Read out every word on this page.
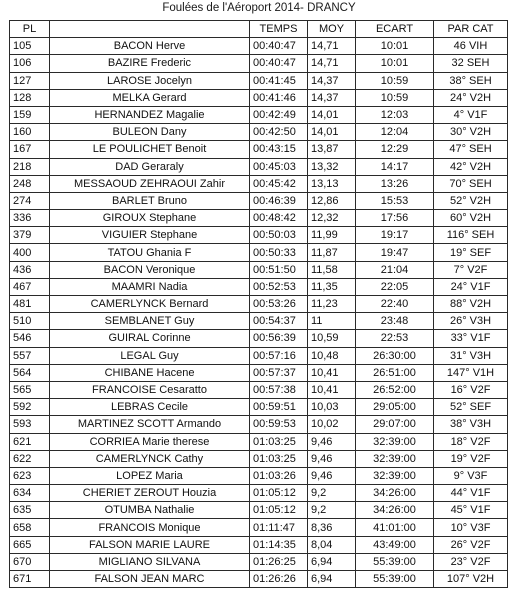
Foulées de l'Aéroport 2014- DRANCY
PL		TEMPS	MOY	ECART	PAR CAT
105	BACON Herve	00:40:47	14,71	10:01	46 VIH
106	BAZIRE Frederic	00:40:47	14,71	10:01	32 SEH
127	LAROSE Jocelyn	00:41:45	14,37	10:59	38° SEH
128	MELKA Gerard	00:41:46	14,37	10:59	24° V2H
159	HERNANDEZ Magalie	00:42:49	14,01	12:03	4° V1F
160	BULEON Dany	00:42:50	14,01	12:04	30° V2H
167	LE POULICHET Benoit	00:43:15	13,87	12:29	47° SEH
218	DAD Geraraly	00:45:03	13,32	14:17	42° V2H
248	MESSAOUD ZEHRAOUI Zahir	00:45:42	13,13	13:26	70° SEH
274	BARLET Bruno	00:46:39	12,86	15:53	52° V2H
336	GIROUX Stephane	00:48:42	12,32	17:56	60° V2H
379	VIGUIER Stephane	00:50:03	11,99	19:17	116° SEH
400	TATOU Ghania F	00:50:33	11,87	19:47	19° SEF
436	BACON Veronique	00:51:50	11,58	21:04	7° V2F
467	MAAMRI Nadia	00:52:53	11,35	22:05	24° V1F
481	CAMERLYNCK Bernard	00:53:26	11,23	22:40	88° V2H
510	SEMBLANET Guy	00:54:37	11	23:48	26° V3H
546	GUIRAL Corinne	00:56:39	10,59	22:53	33° V1F
557	LEGAL Guy	00:57:16	10,48	26:30:00	31° V3H
564	CHIBANE Hacene	00:57:37	10,41	26:51:00	147° V1H
565	FRANCOISE Cesaratto	00:57:38	10,41	26:52:00	16° V2F
592	LEBRAS Cecile	00:59:51	10,03	29:05:00	52° SEF
593	MARTINEZ SCOTT Armando	00:59:53	10,02	29:07:00	38° V3H
621	CORRIEA Marie therese	01:03:25	9,46	32:39:00	18° V2F
622	CAMERLYNCK Cathy	01:03:25	9,46	32:39:00	19° V2F
623	LOPEZ Maria	01:03:26	9,46	32:39:00	9° V3F
634	CHERIET ZEROUT Houzia	01:05:12	9,2	34:26:00	44° V1F
635	OTUMBA Nathalie	01:05:12	9,2	34:26:00	45° V1F
658	FRANCOIS Monique	01:11:47	8,36	41:01:00	10° V3F
665	FALSON MARIE LAURE	01:14:35	8,04	43:49:00	26° V2F
670	MIGLIANO SILVANA	01:26:25	6,94	55:39:00	23° V2F
671	FALSON JEAN MARC	01:26:26	6,94	55:39:00	107° V2H
